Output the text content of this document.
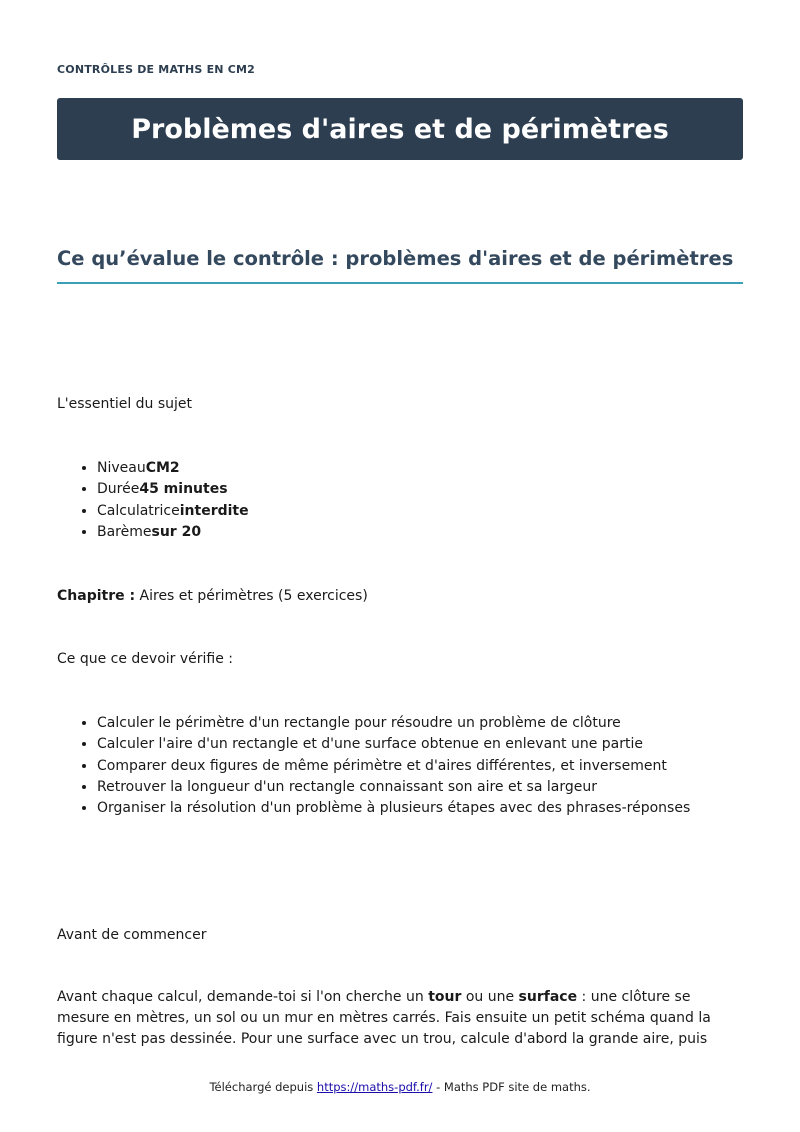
CONTRÔLES DE MATHS EN CM2
Problèmes d'aires et de périmètres
Ce qu’évalue le contrôle : problèmes d'aires et de périmètres

L'essentiel du sujet

• NiveauCM2
• Durée45 minutes
• Calculatriceinterdite
• Barèmesur 20

Chapitre : Aires et périmètres (5 exercices)

Ce que ce devoir vérifie :

• Calculer le périmètre d'un rectangle pour résoudre un problème de clôture
• Calculer l'aire d'un rectangle et d'une surface obtenue en enlevant une partie
• Comparer deux figures de même périmètre et d'aires différentes, et inversement
• Retrouver la longueur d'un rectangle connaissant son aire et sa largeur
• Organiser la résolution d'un problème à plusieurs étapes avec des phrases-réponses

Avant de commencer

Avant chaque calcul, demande-toi si l'on cherche un tour ou une surface : une clôture se mesure en mètres, un sol ou un mur en mètres carrés. Fais ensuite un petit schéma quand la figure n'est pas dessinée. Pour une surface avec un trou, calcule d'abord la grande aire, puis

Téléchargé depuis https://maths-pdf.fr/ - Maths PDF site de maths.
